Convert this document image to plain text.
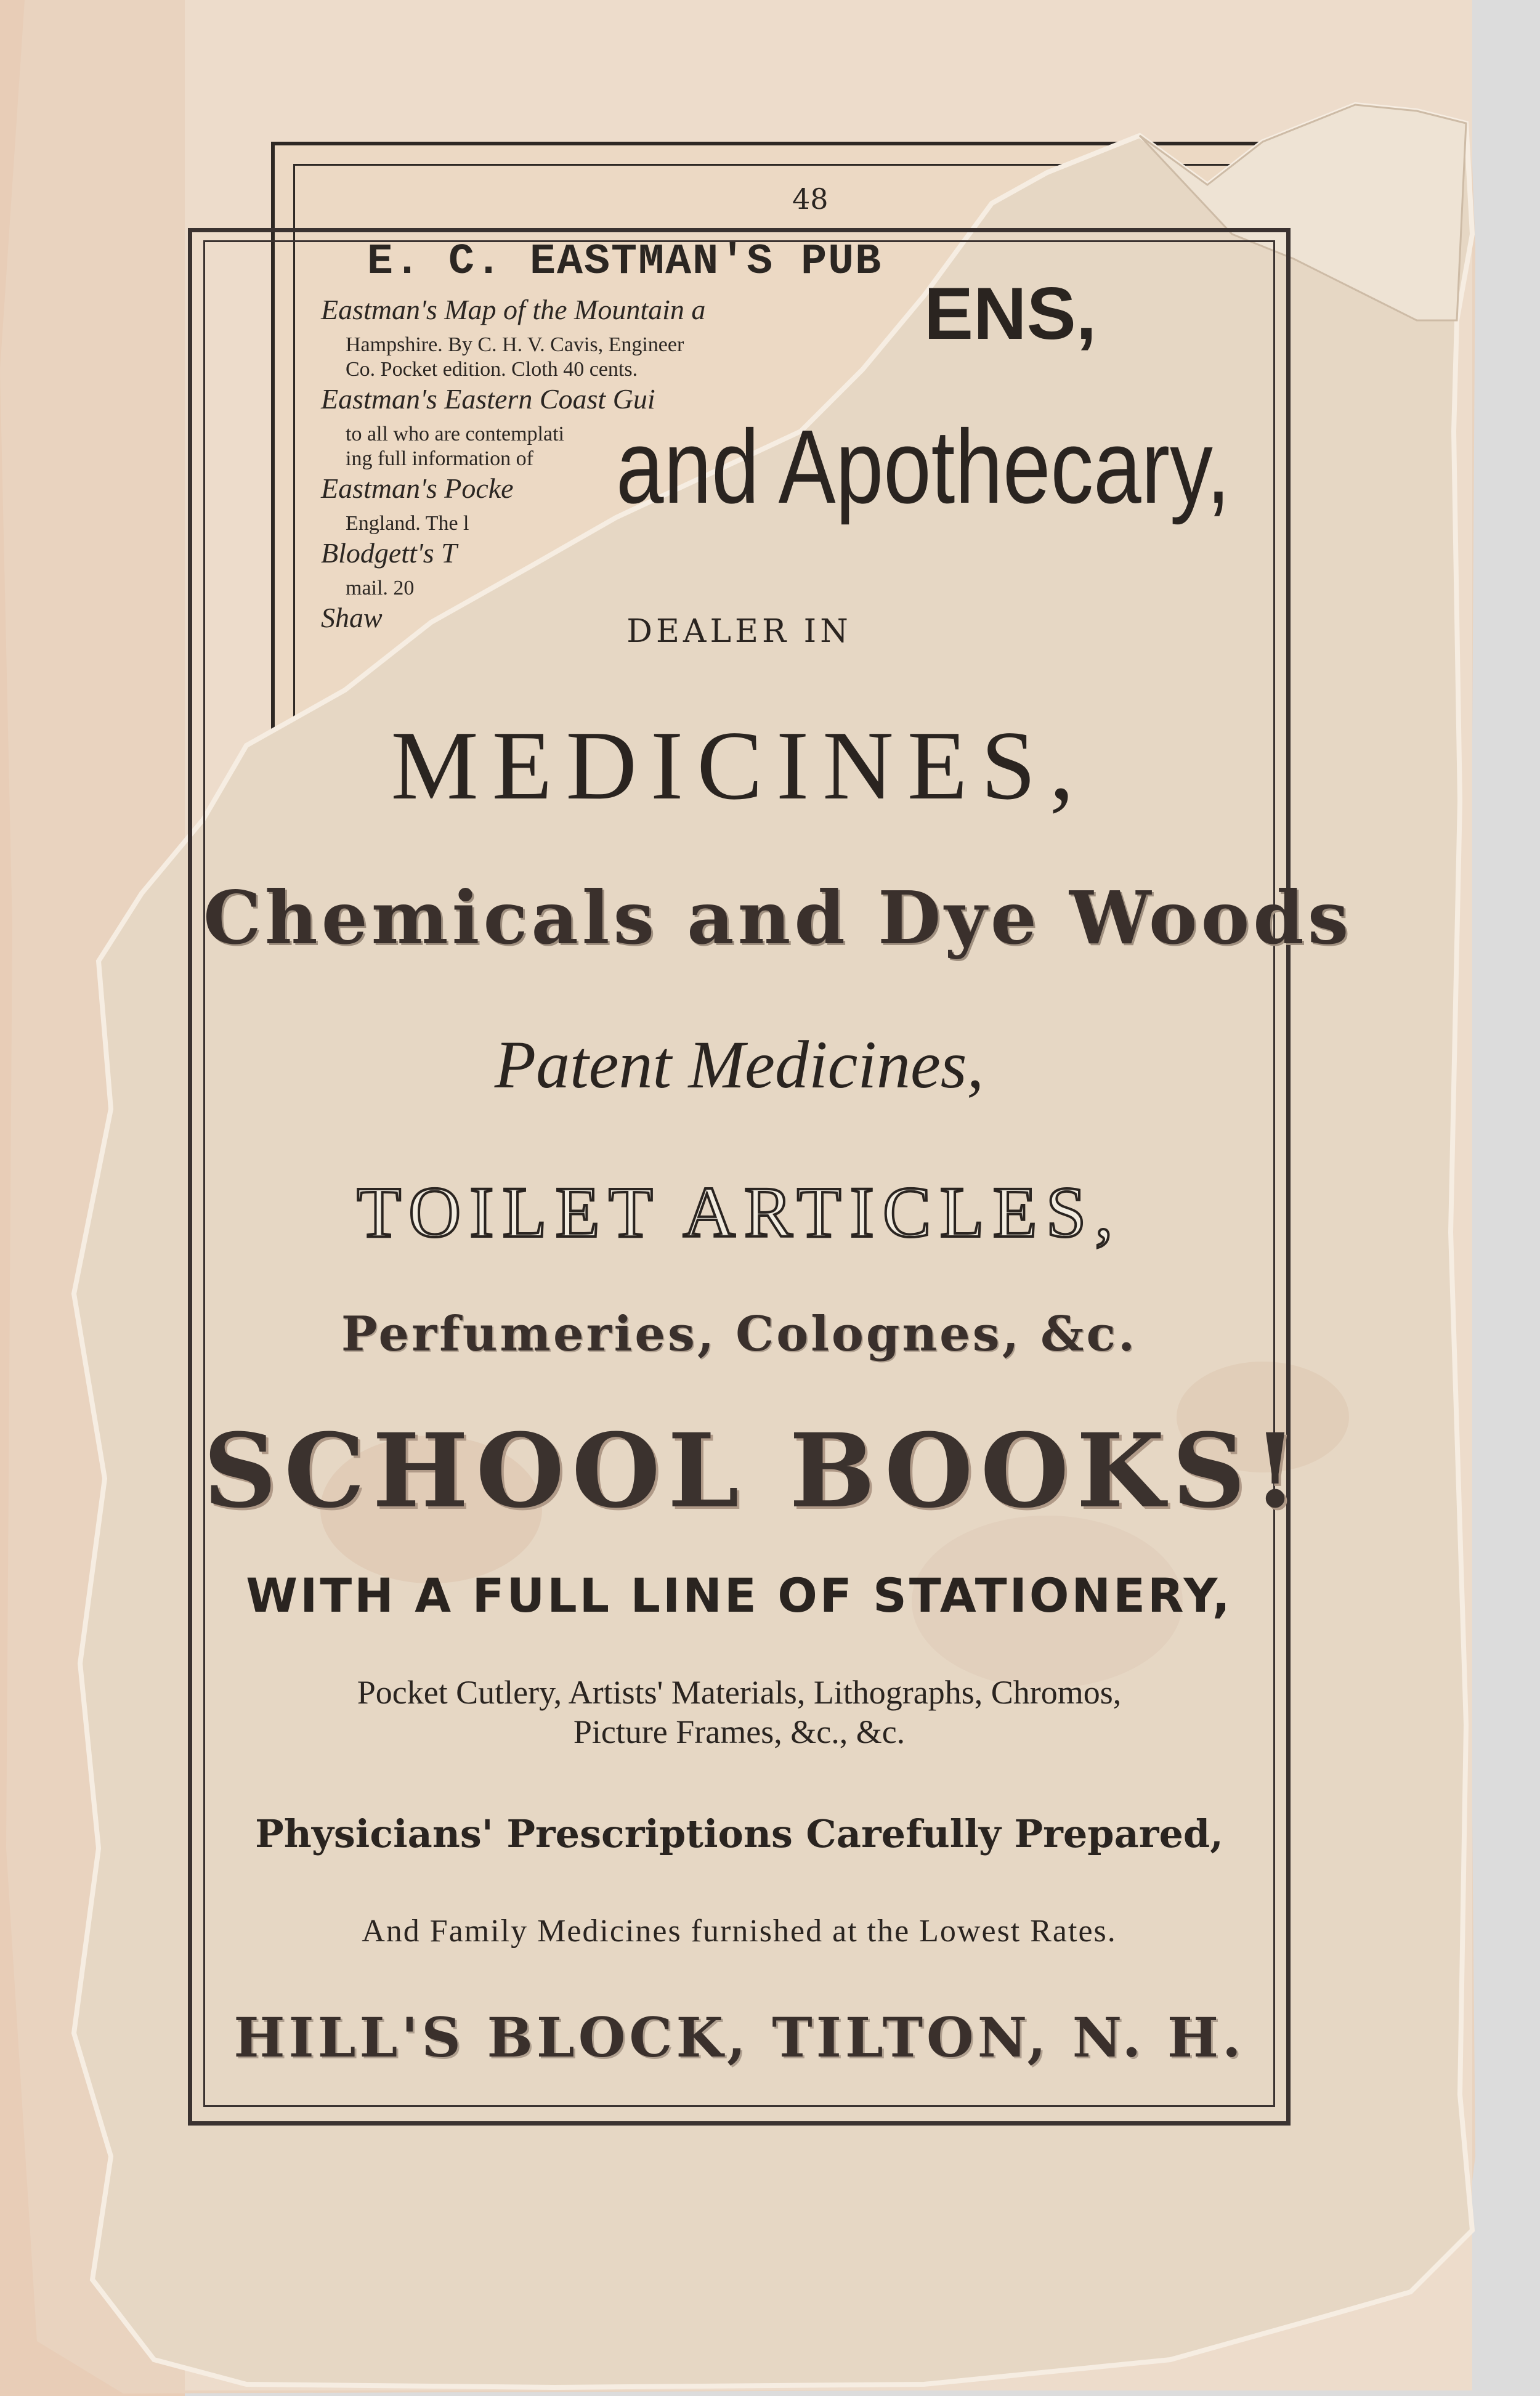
48
E. C. EASTMAN'S PUB
Eastman's Map of the Mountain a
Hampshire. By C. H. V. Cavis, Engineer
Co. Pocket edition. Cloth 40 cents.
Eastman's Eastern Coast Gui
to all who are contemplati
ing full information of
Eastman's Pocke
England. The l
Blodgett's T
mail. 20
Shaw
ENS,
and Apothecary,
DEALER IN
MEDICINES,
Chemicals and Dye Woods
Patent Medicines,
TOILET ARTICLES,
Perfumeries, Colognes, &c.
SCHOOL BOOKS!
WITH A FULL LINE OF STATIONERY,
Pocket Cutlery, Artists' Materials, Lithographs, Chromos,
Picture Frames, &c., &c.
Physicians' Prescriptions Carefully Prepared,
And Family Medicines furnished at the Lowest Rates.
HILL'S BLOCK, TILTON, N. H.
